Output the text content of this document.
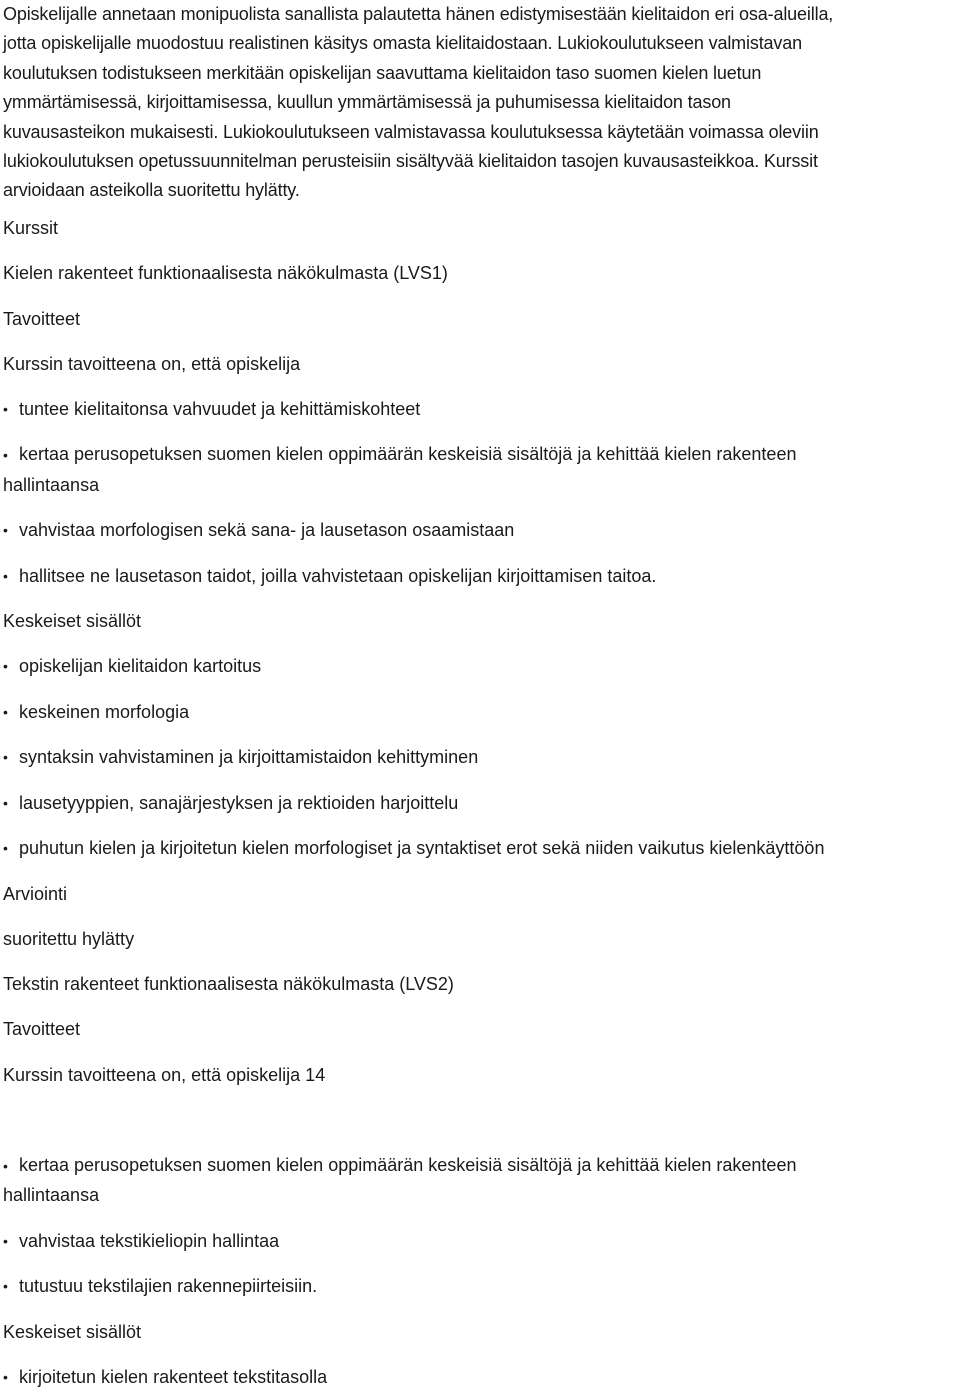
Opiskelijalle annetaan monipuolista sanallista palautetta hänen edistymisestään kielitaidon eri osa-alueilla,
jotta opiskelijalle muodostuu realistinen käsitys omasta kielitaidostaan. Lukiokoulutukseen valmistavan
koulutuksen todistukseen merkitään opiskelijan saavuttama kielitaidon taso suomen kielen luetun
ymmärtämisessä, kirjoittamisessa, kuullun ymmärtämisessä ja puhumisessa kielitaidon tason
kuvausasteikon mukaisesti. Lukiokoulutukseen valmistavassa koulutuksessa käytetään voimassa oleviin
lukiokoulutuksen opetussuunnitelman perusteisiin sisältyvää kielitaidon tasojen kuvausasteikkoa. Kurssit
arvioidaan asteikolla suoritettu hylätty.
Kurssit
Kielen rakenteet funktionaalisesta näkökulmasta (LVS1)
Tavoitteet
Kurssin tavoitteena on, että opiskelija
• tuntee kielitaitonsa vahvuudet ja kehittämiskohteet
• kertaa perusopetuksen suomen kielen oppimäärän keskeisiä sisältöjä ja kehittää kielen rakenteen
hallintaansa
• vahvistaa morfologisen sekä sana- ja lausetason osaamistaan
• hallitsee ne lausetason taidot, joilla vahvistetaan opiskelijan kirjoittamisen taitoa.
Keskeiset sisällöt
• opiskelijan kielitaidon kartoitus
• keskeinen morfologia
• syntaksin vahvistaminen ja kirjoittamistaidon kehittyminen
• lausetyyppien, sanajärjestyksen ja rektioiden harjoittelu
• puhutun kielen ja kirjoitetun kielen morfologiset ja syntaktiset erot sekä niiden vaikutus kielenkäyttöön
Arviointi
suoritettu hylätty
Tekstin rakenteet funktionaalisesta näkökulmasta (LVS2)
Tavoitteet
Kurssin tavoitteena on, että opiskelija 14
• kertaa perusopetuksen suomen kielen oppimäärän keskeisiä sisältöjä ja kehittää kielen rakenteen
hallintaansa
• vahvistaa tekstikieliopin hallintaa
• tutustuu tekstilajien rakennepiirteisiin.
Keskeiset sisällöt
• kirjoitetun kielen rakenteet tekstitasolla
